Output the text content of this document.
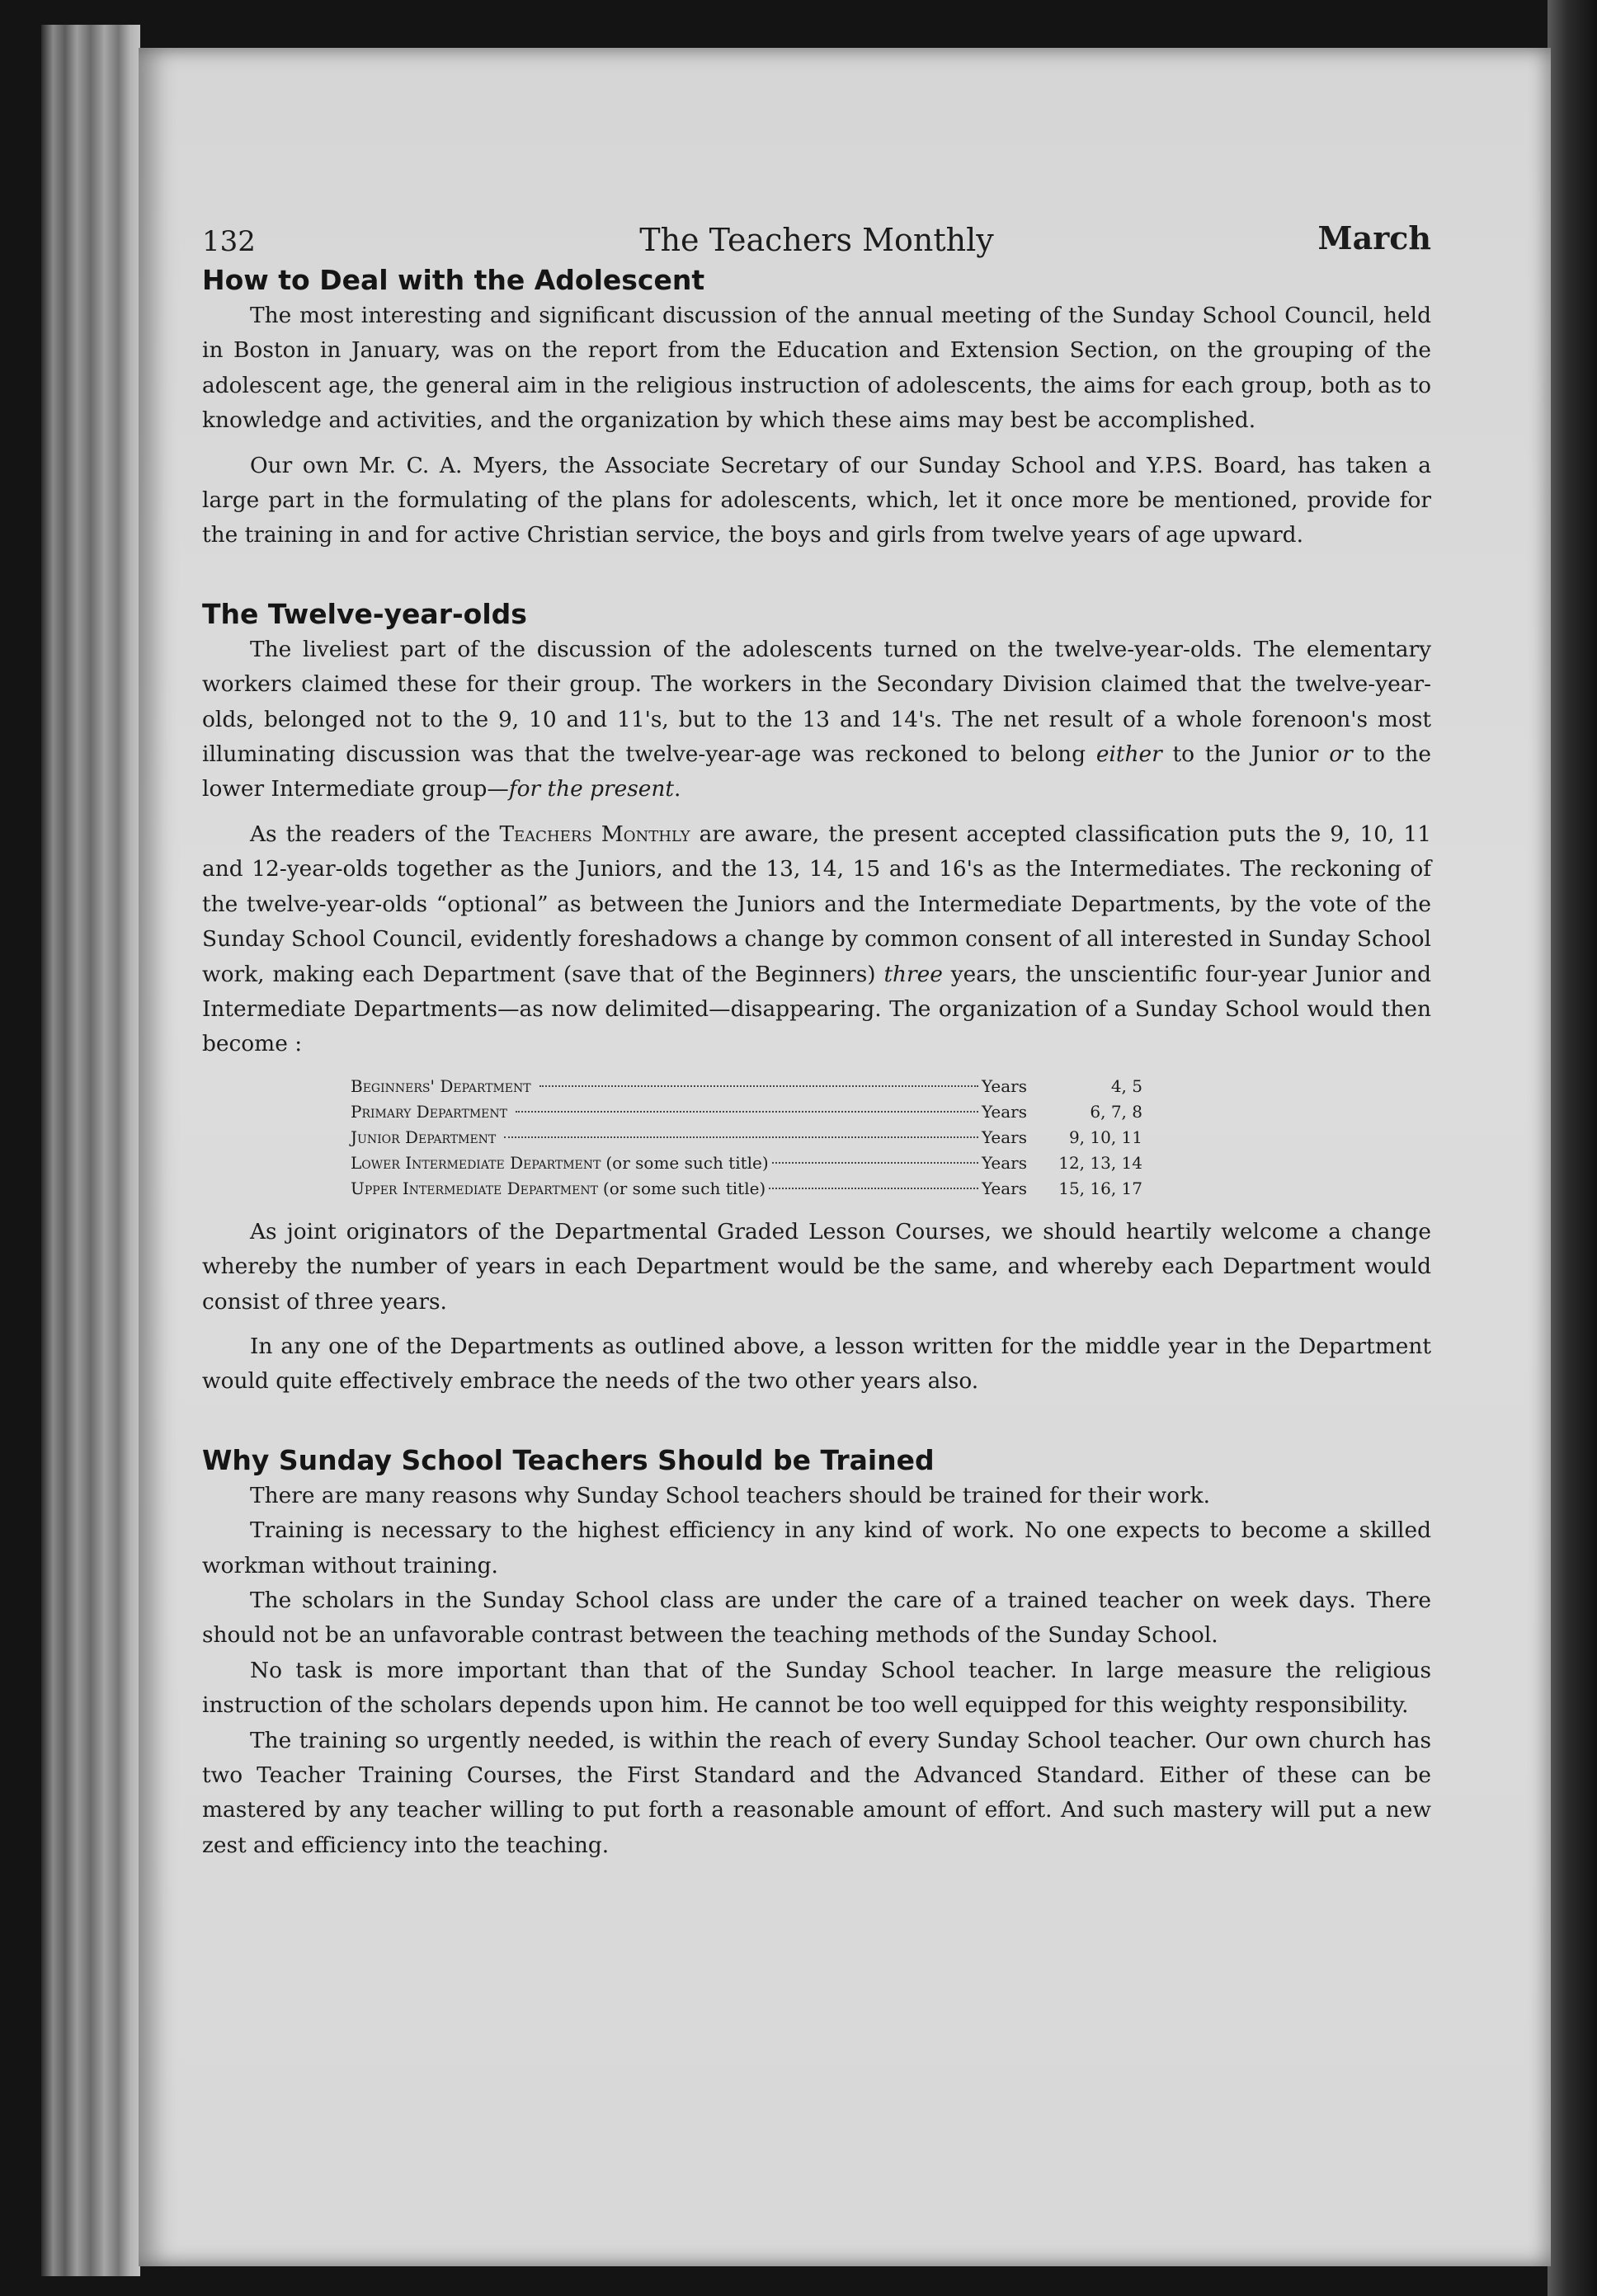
132	The Teachers Monthly	March
How to Deal with the Adolescent

The most interesting and significant discussion of the annual meeting of the Sunday School Council, held in Boston in January, was on the report from the Education and Extension Section, on the grouping of the adolescent age, the general aim in the religious instruction of adolescents, the aims for each group, both as to knowledge and activities, and the organization by which these aims may best be accomplished.

Our own Mr. C. A. Myers, the Associate Secretary of our Sunday School and Y.P.S. Board, has taken a large part in the formulating of the plans for adolescents, which, let it once more be mentioned, provide for the training in and for active Christian service, the boys and girls from twelve years of age upward.

The Twelve-year-olds

The liveliest part of the discussion of the adolescents turned on the twelve-year-olds. The elementary workers claimed these for their group. The workers in the Secondary Division claimed that the twelve-year-olds, belonged not to the 9, 10 and 11's, but to the 13 and 14's. The net result of a whole forenoon's most illuminating discussion was that the twelve-year-age was reckoned to belong either to the Junior or to the lower Intermediate group—for the present.

As the readers of the Teachers Monthly are aware, the present accepted classification puts the 9, 10, 11 and 12-year-olds together as the Juniors, and the 13, 14, 15 and 16's as the Intermediates. The reckoning of the twelve-year-olds “optional” as between the Juniors and the Intermediate Departments, by the vote of the Sunday School Council, evidently foreshadows a change by common consent of all interested in Sunday School work, making each Department (save that of the Beginners) three years, the unscientific four-year Junior and Intermediate Departments—as now delimited—disappearing. The organization of a Sunday School would then become :

Beginners' Department	Years	4, 5
Primary Department	Years	6, 7, 8
Junior Department	Years	9, 10, 11
Lower Intermediate Department (or some such title)	Years	12, 13, 14
Upper Intermediate Department (or some such title)	Years	15, 16, 17

As joint originators of the Departmental Graded Lesson Courses, we should heartily welcome a change whereby the number of years in each Department would be the same, and whereby each Department would consist of three years.

In any one of the Departments as outlined above, a lesson written for the middle year in the Department would quite effectively embrace the needs of the two other years also.

Why Sunday School Teachers Should be Trained

There are many reasons why Sunday School teachers should be trained for their work.

Training is necessary to the highest efficiency in any kind of work. No one expects to become a skilled workman without training.

The scholars in the Sunday School class are under the care of a trained teacher on week days. There should not be an unfavorable contrast between the teaching methods of the Sunday School.

No task is more important than that of the Sunday School teacher. In large measure the religious instruction of the scholars depends upon him. He cannot be too well equipped for this weighty responsibility.

The training so urgently needed, is within the reach of every Sunday School teacher. Our own church has two Teacher Training Courses, the First Standard and the Advanced Standard. Either of these can be mastered by any teacher willing to put forth a reasonable amount of effort. And such mastery will put a new zest and efficiency into the teaching.
